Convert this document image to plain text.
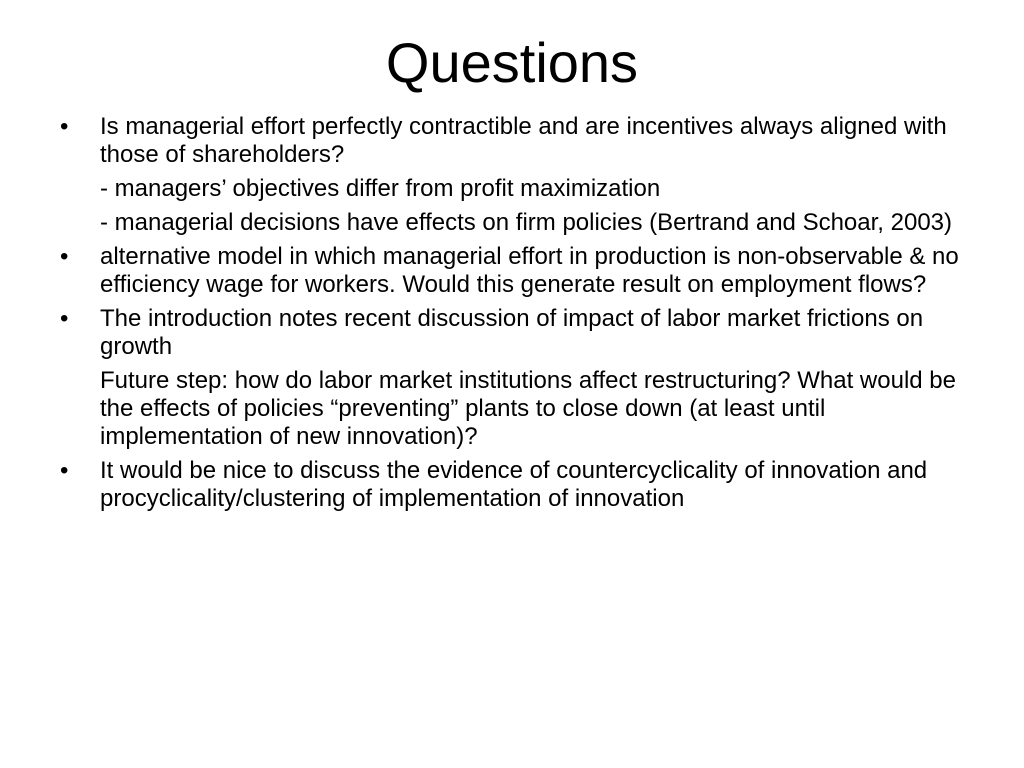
Questions
•	Is managerial effort perfectly contractible and are incentives always aligned with those of shareholders?
- managers’ objectives differ from profit maximization
- managerial decisions have effects on firm policies (Bertrand and Schoar, 2003)
•	alternative model in which managerial effort in production is non-observable & no efficiency wage for workers. Would this generate result on employment flows?
•	The introduction notes recent discussion of impact of labor market frictions on growth
Future step: how do labor market institutions affect restructuring? What would be the effects of policies “preventing” plants to close down (at least until implementation of new innovation)?
•	It would be nice to discuss the evidence of countercyclicality of innovation and procyclicality/clustering of implementation of innovation
